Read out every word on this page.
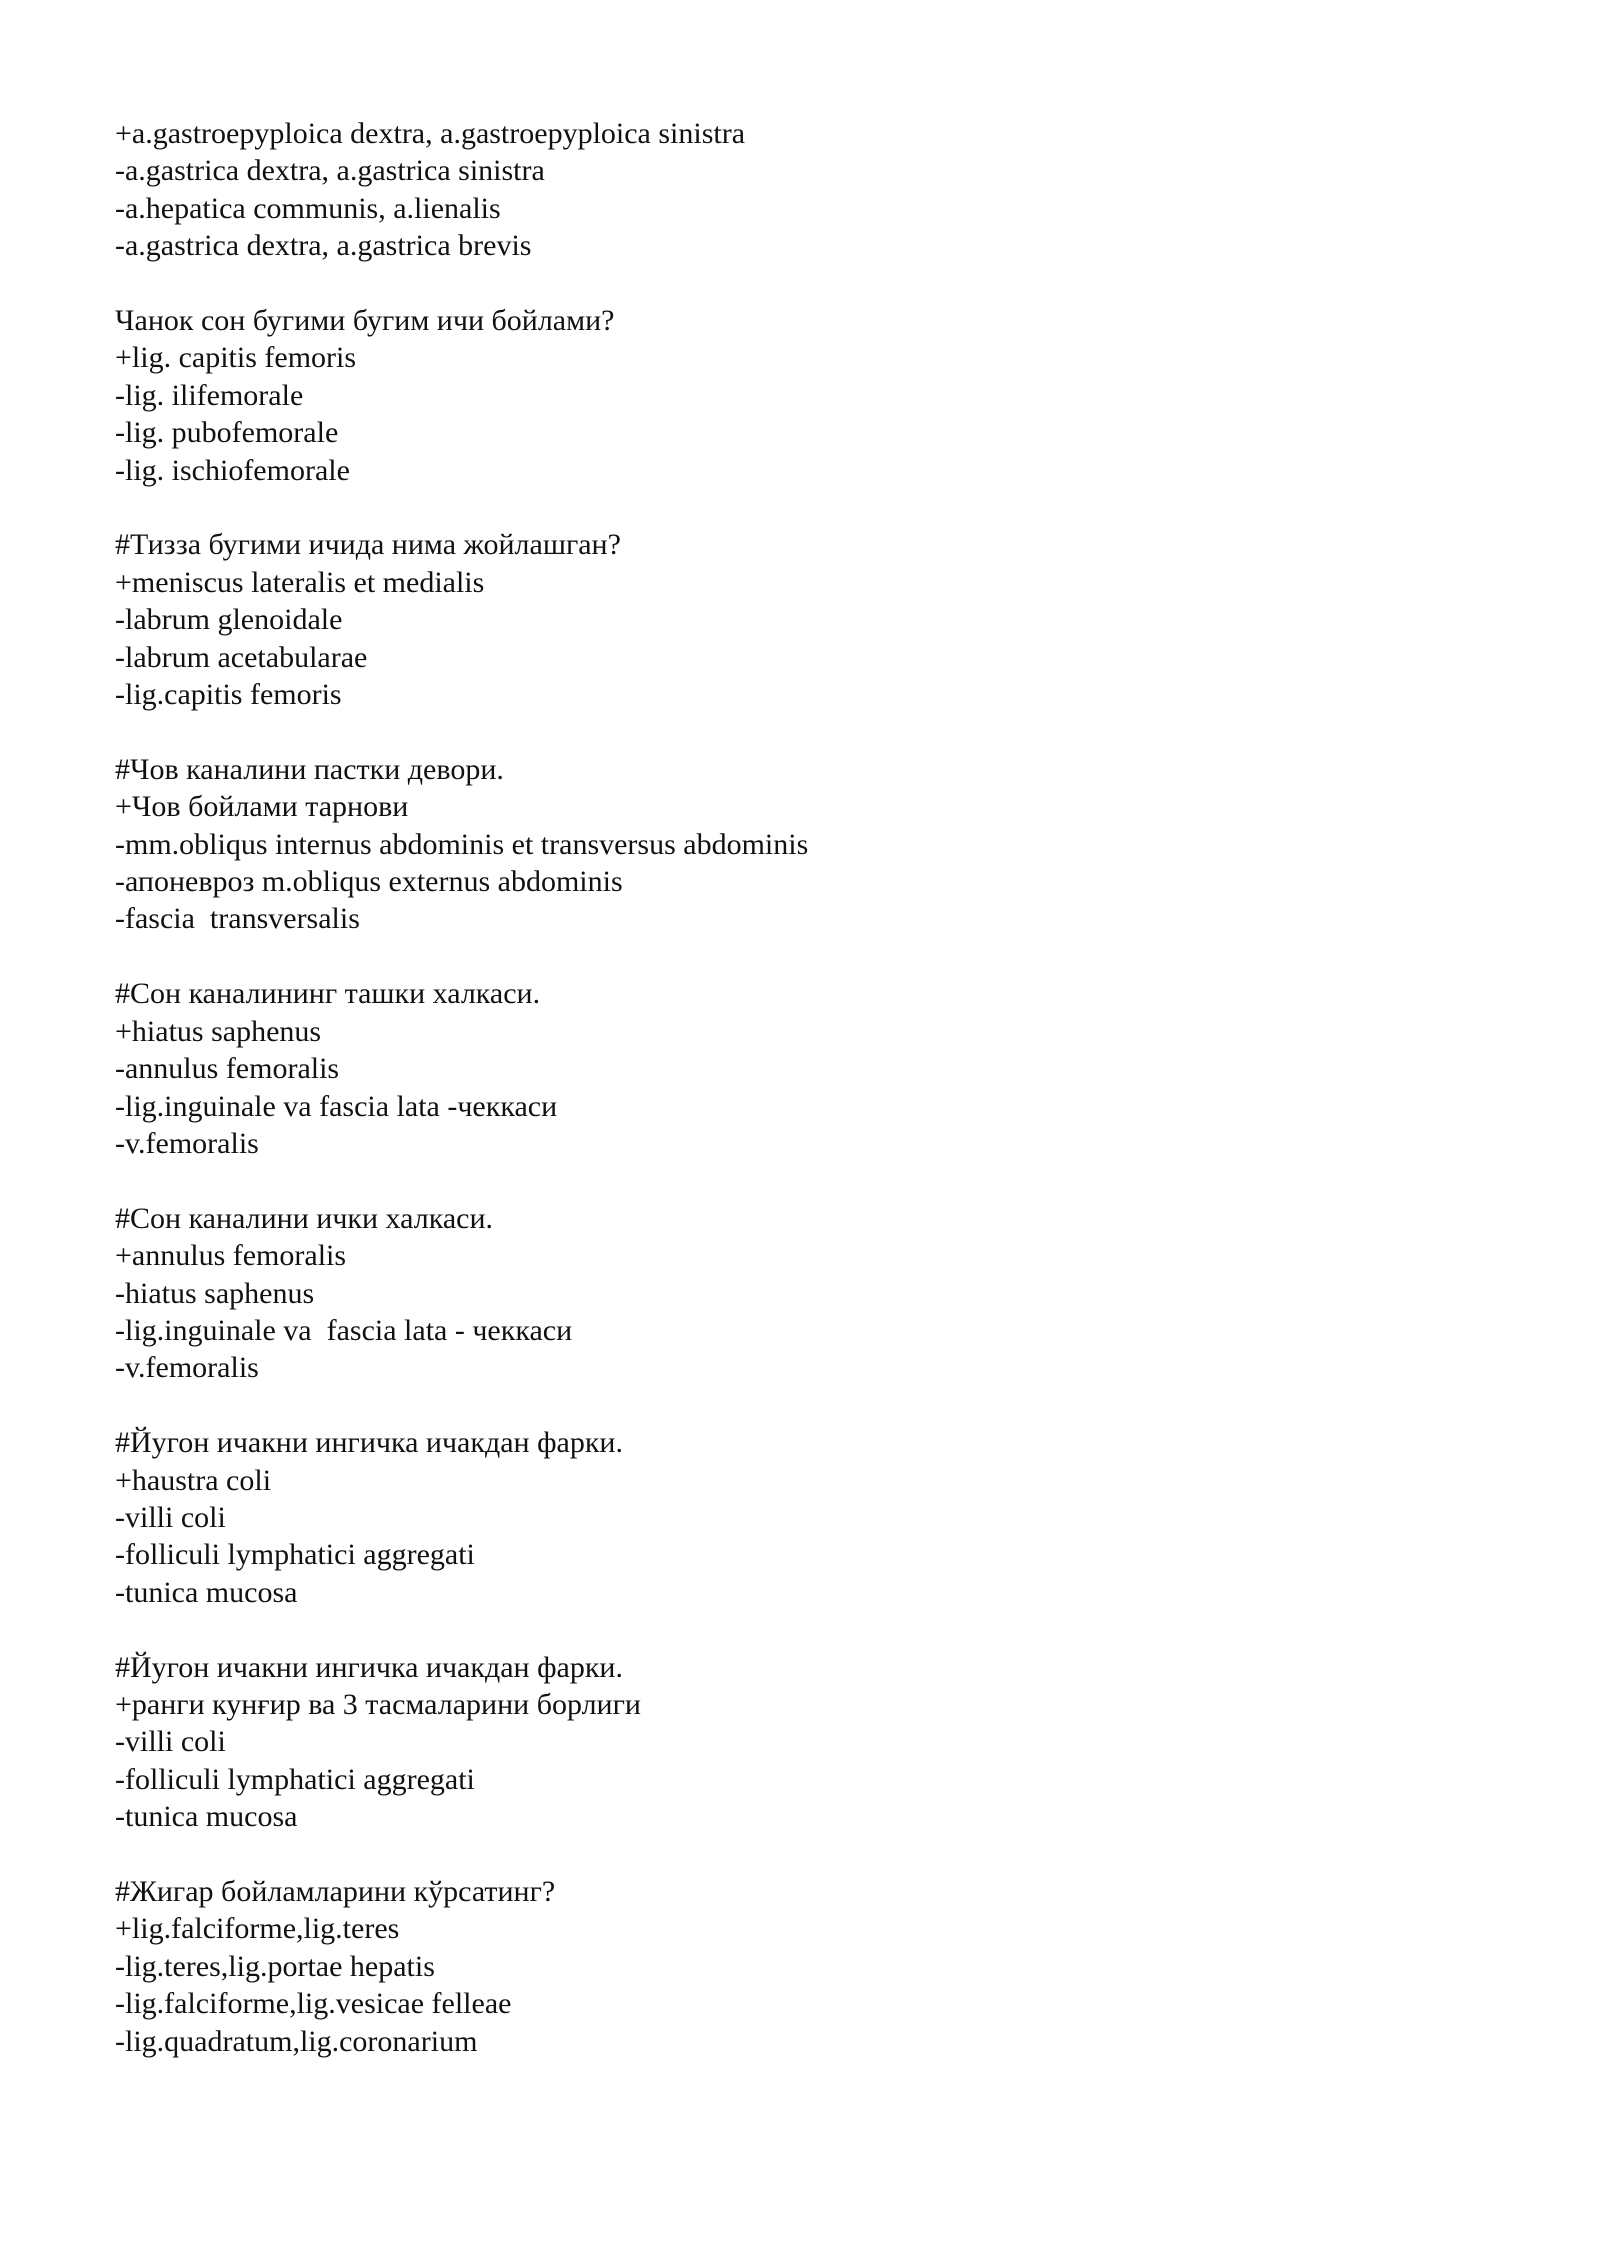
+a.gastroepyploica dextra, a.gastroepyploica sinistra
-a.gastrica dextra, a.gastrica sinistra
-a.hepatica communis, a.lienalis
-a.gastrica dextra, a.gastrica brevis
Чанок сон бугими бугим ичи бойлами?
+lig. capitis femoris
-lig. ilifemorale
-lig. pubofemorale
-lig. ischiofemorale
#Тизза бугими ичида нима жойлашган?
+meniscus lateralis et medialis
-labrum glenoidale
-labrum acetabularae
-lig.capitis femoris
#Чов каналини пастки девори.
+Чов бойлами тарнови
-mm.obliqus internus abdominis et transversus abdominis
-апоневроз m.obliqus externus abdominis
-fascia  transversalis
#Сон каналининг ташки халкаси.
+hiatus saphenus
-annulus femoralis
-lig.inguinale va fascia lata -чеккаси
-v.femoralis
#Сон каналини ички халкаси.
+annulus femoralis
-hiatus saphenus
-lig.inguinale va  fascia lata - чеккаси
-v.femoralis
#Йугон ичакни ингичка ичакдан фарки.
+haustra coli
-villi coli
-folliculi lymphatici aggregati
-tunica mucosa
#Йугон ичакни ингичка ичакдан фарки.
+ранги кунғир ва 3 тасмаларини борлиги
-villi coli
-folliculi lymphatici aggregati
-tunica mucosa
#Жигар бойламларини кўрсатинг?
+lig.falciforme,lig.teres
-lig.teres,lig.portae hepatis
-lig.falciforme,lig.vesicae felleae
-lig.quadratum,lig.coronarium
